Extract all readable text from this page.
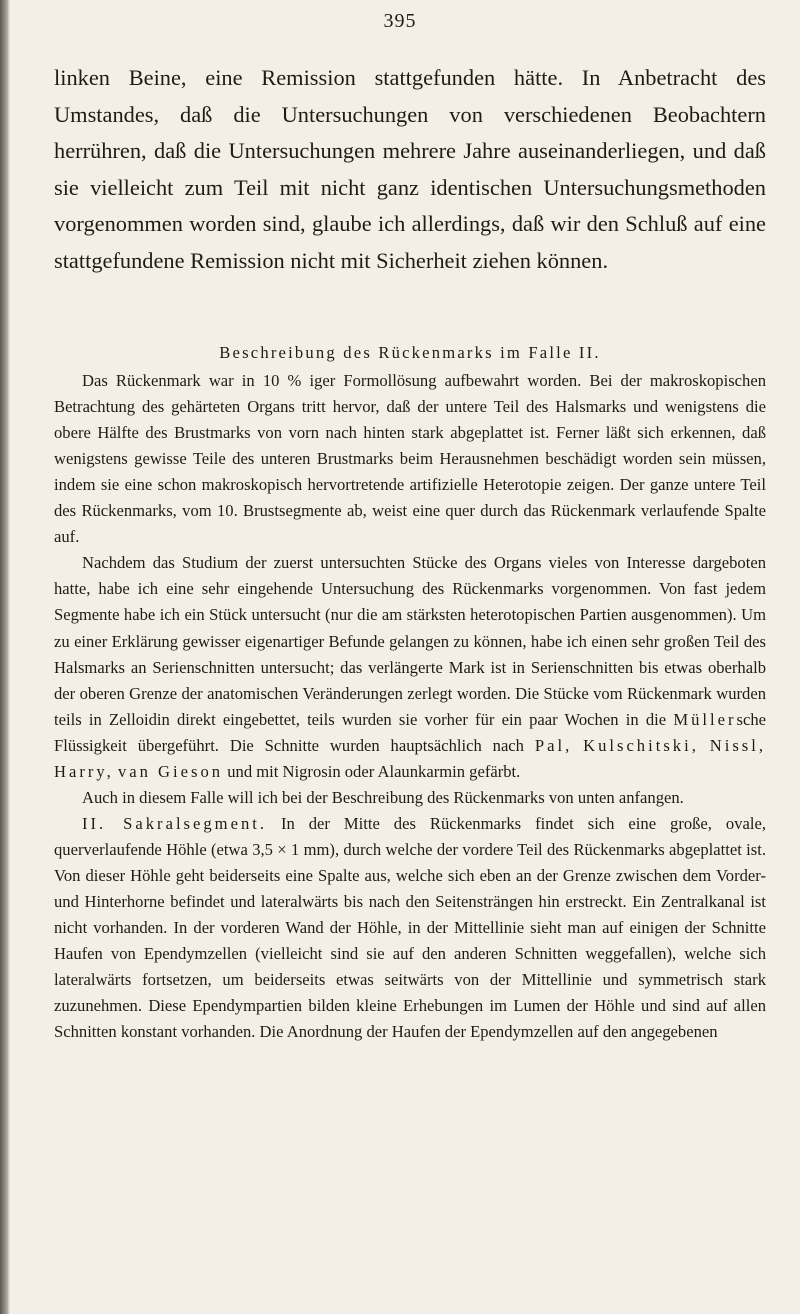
395

linken Beine, eine Remission stattgefunden hätte. In Anbetracht des Umstandes, daß die Untersuchungen von verschiedenen Beobachtern herrühren, daß die Untersuchungen mehrere Jahre auseinanderliegen, und daß sie vielleicht zum Teil mit nicht ganz identischen Untersuchungsmethoden vorgenommen worden sind, glaube ich allerdings, daß wir den Schluß auf eine stattgefundene Remission nicht mit Sicherheit ziehen können.

Beschreibung des Rückenmarks im Falle II.

Das Rückenmark war in 10 % iger Formollösung aufbewahrt worden. Bei der makroskopischen Betrachtung des gehärteten Organs tritt hervor, daß der untere Teil des Halsmarks und wenigstens die obere Hälfte des Brustmarks von vorn nach hinten stark abgeplattet ist. Ferner läßt sich erkennen, daß wenigstens gewisse Teile des unteren Brustmarks beim Herausnehmen beschädigt worden sein müssen, indem sie eine schon makroskopisch hervortretende artifizielle Heterotopie zeigen. Der ganze untere Teil des Rückenmarks, vom 10. Brustsegmente ab, weist eine quer durch das Rückenmark verlaufende Spalte auf.

Nachdem das Studium der zuerst untersuchten Stücke des Organs vieles von Interesse dargeboten hatte, habe ich eine sehr eingehende Untersuchung des Rückenmarks vorgenommen. Von fast jedem Segmente habe ich ein Stück untersucht (nur die am stärksten heterotopischen Partien ausgenommen). Um zu einer Erklärung gewisser eigenartiger Befunde gelangen zu können, habe ich einen sehr großen Teil des Halsmarks an Serienschnitten untersucht; das verlängerte Mark ist in Serienschnitten bis etwas oberhalb der oberen Grenze der anatomischen Veränderungen zerlegt worden. Die Stücke vom Rückenmark wurden teils in Zelloidin direkt eingebettet, teils wurden sie vorher für ein paar Wochen in die Müllersche Flüssigkeit übergeführt. Die Schnitte wurden hauptsächlich nach Pal, Kulschitski, Nissl, Harry, van Gieson und mit Nigrosin oder Alaunkarmin gefärbt.

Auch in diesem Falle will ich bei der Beschreibung des Rückenmarks von unten anfangen.

II. Sakralsegment. In der Mitte des Rückenmarks findet sich eine große, ovale, querverlaufende Höhle (etwa 3,5 × 1 mm), durch welche der vordere Teil des Rückenmarks abgeplattet ist. Von dieser Höhle geht beiderseits eine Spalte aus, welche sich eben an der Grenze zwischen dem Vorder- und Hinterhorne befindet und lateralwärts bis nach den Seitensträngen hin erstreckt. Ein Zentralkanal ist nicht vorhanden. In der vorderen Wand der Höhle, in der Mittellinie sieht man auf einigen der Schnitte Haufen von Ependymzellen (vielleicht sind sie auf den anderen Schnitten weggefallen), welche sich lateralwärts fortsetzen, um beiderseits etwas seitwärts von der Mittellinie und symmetrisch stark zuzunehmen. Diese Ependympartien bilden kleine Erhebungen im Lumen der Höhle und sind auf allen Schnitten konstant vorhanden. Die Anordnung der Haufen der Ependymzellen auf den angegebenen
